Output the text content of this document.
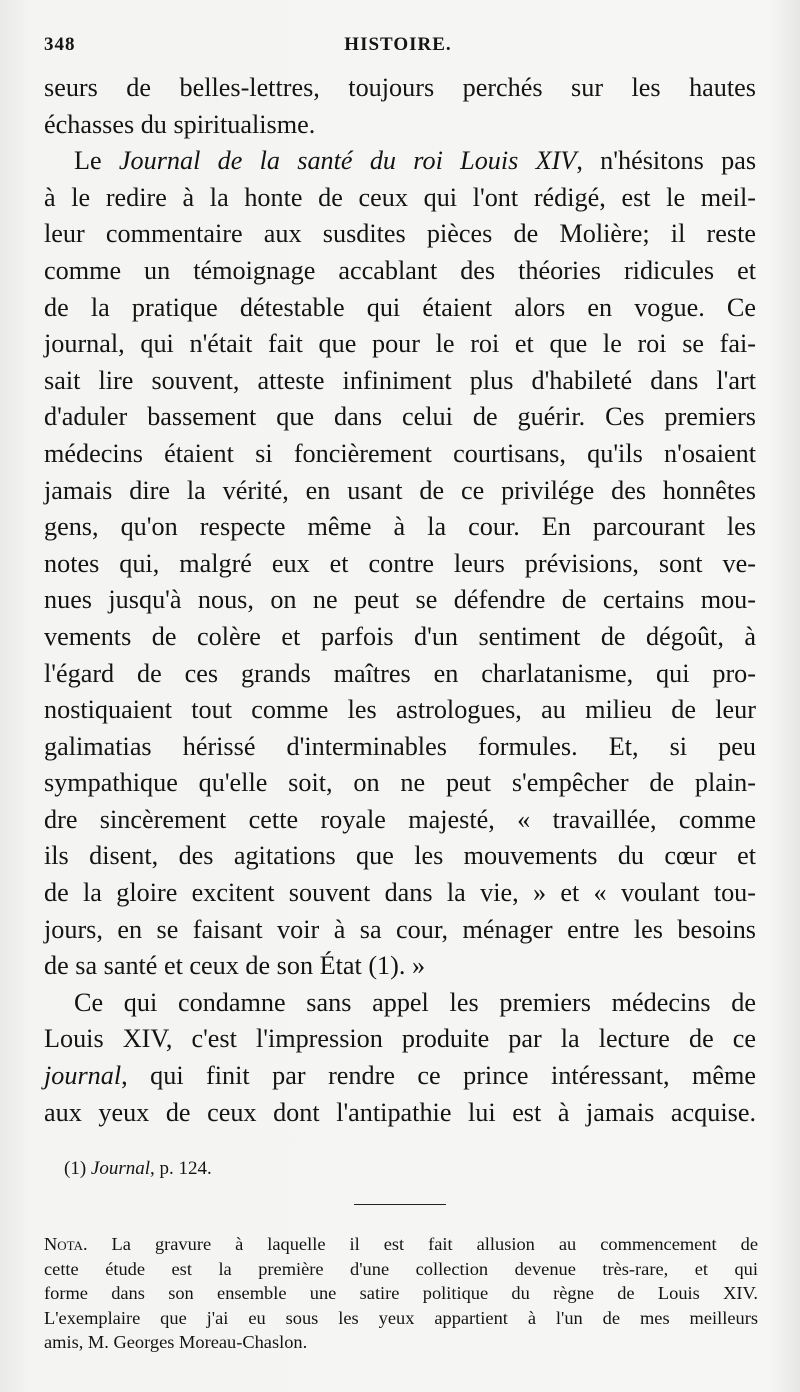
348	HISTOIRE.
seurs de belles-lettres, toujours perchés sur les hautes
échasses du spiritualisme.
Le Journal de la santé du roi Louis XIV, n'hésitons pas
à le redire à la honte de ceux qui l'ont rédigé, est le meil-
leur commentaire aux susdites pièces de Molière; il reste
comme un témoignage accablant des théories ridicules et
de la pratique détestable qui étaient alors en vogue. Ce
journal, qui n'était fait que pour le roi et que le roi se fai-
sait lire souvent, atteste infiniment plus d'habileté dans l'art
d'aduler bassement que dans celui de guérir. Ces premiers
médecins étaient si foncièrement courtisans, qu'ils n'osaient
jamais dire la vérité, en usant de ce privilége des honnêtes
gens, qu'on respecte même à la cour. En parcourant les
notes qui, malgré eux et contre leurs prévisions, sont ve-
nues jusqu'à nous, on ne peut se défendre de certains mou-
vements de colère et parfois d'un sentiment de dégoût, à
l'égard de ces grands maîtres en charlatanisme, qui pro-
nostiquaient tout comme les astrologues, au milieu de leur
galimatias hérissé d'interminables formules. Et, si peu
sympathique qu'elle soit, on ne peut s'empêcher de plain-
dre sincèrement cette royale majesté, « travaillée, comme
ils disent, des agitations que les mouvements du cœur et
de la gloire excitent souvent dans la vie, » et « voulant tou-
jours, en se faisant voir à sa cour, ménager entre les besoins
de sa santé et ceux de son État (1). »
Ce qui condamne sans appel les premiers médecins de
Louis XIV, c'est l'impression produite par la lecture de ce
journal, qui finit par rendre ce prince intéressant, même
aux yeux de ceux dont l'antipathie lui est à jamais acquise.
(1) Journal, p. 124.
Nota. La gravure à laquelle il est fait allusion au commencement de
cette étude est la première d'une collection devenue très-rare, et qui
forme dans son ensemble une satire politique du règne de Louis XIV.
L'exemplaire que j'ai eu sous les yeux appartient à l'un de mes meilleurs
amis, M. Georges Moreau-Chaslon.
